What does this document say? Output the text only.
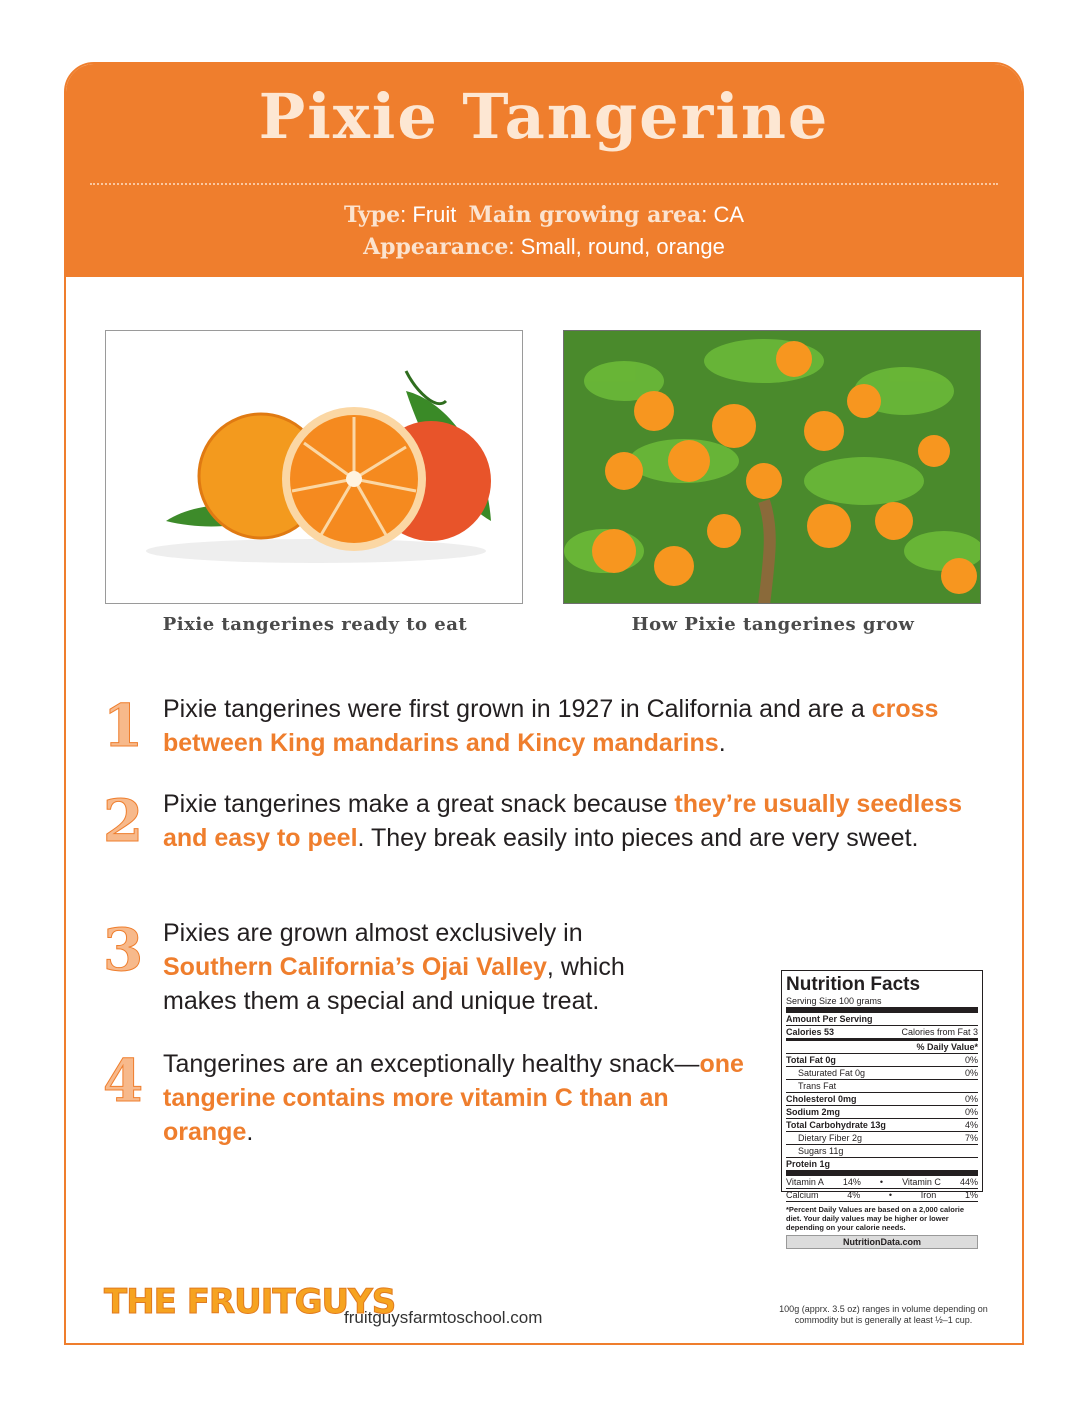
Pixie Tangerine
Type: Fruit Main growing area: CA
Appearance: Small, round, orange
Pixie tangerines ready to eat	How Pixie tangerines grow
1 Pixie tangerines were first grown in 1927 in California and are a cross between King mandarins and Kincy mandarins.
2 Pixie tangerines make a great snack because they’re usually seedless and easy to peel. They break easily into pieces and are very sweet.
3 Pixies are grown almost exclusively in Southern California’s Ojai Valley, which makes them a special and unique treat.
4 Tangerines are an exceptionally healthy snack—one tangerine contains more vitamin C than an orange.
Nutrition Facts
Serving Size 100 grams
Amount Per Serving
Calories 53	Calories from Fat 3
% Daily Value*
Total Fat 0g	0%
Saturated Fat 0g	0%
Trans Fat
Cholesterol 0mg	0%
Sodium 2mg	0%
Total Carbohydrate 13g	4%
Dietary Fiber 2g	7%
Sugars 11g
Protein 1g
Vitamin A 14% • Vitamin C 44%
Calcium	4%	•	Iron	1%
*Percent Daily Values are based on a 2,000 calorie diet. Your daily values may be higher or lower depending on your calorie needs.
NutritionData.com
100g (apprx. 3.5 oz) ranges in volume depending on commodity but is generally at least ½–1 cup.
THE FRUITGUYS
fruitguysfarmtoschool.com
